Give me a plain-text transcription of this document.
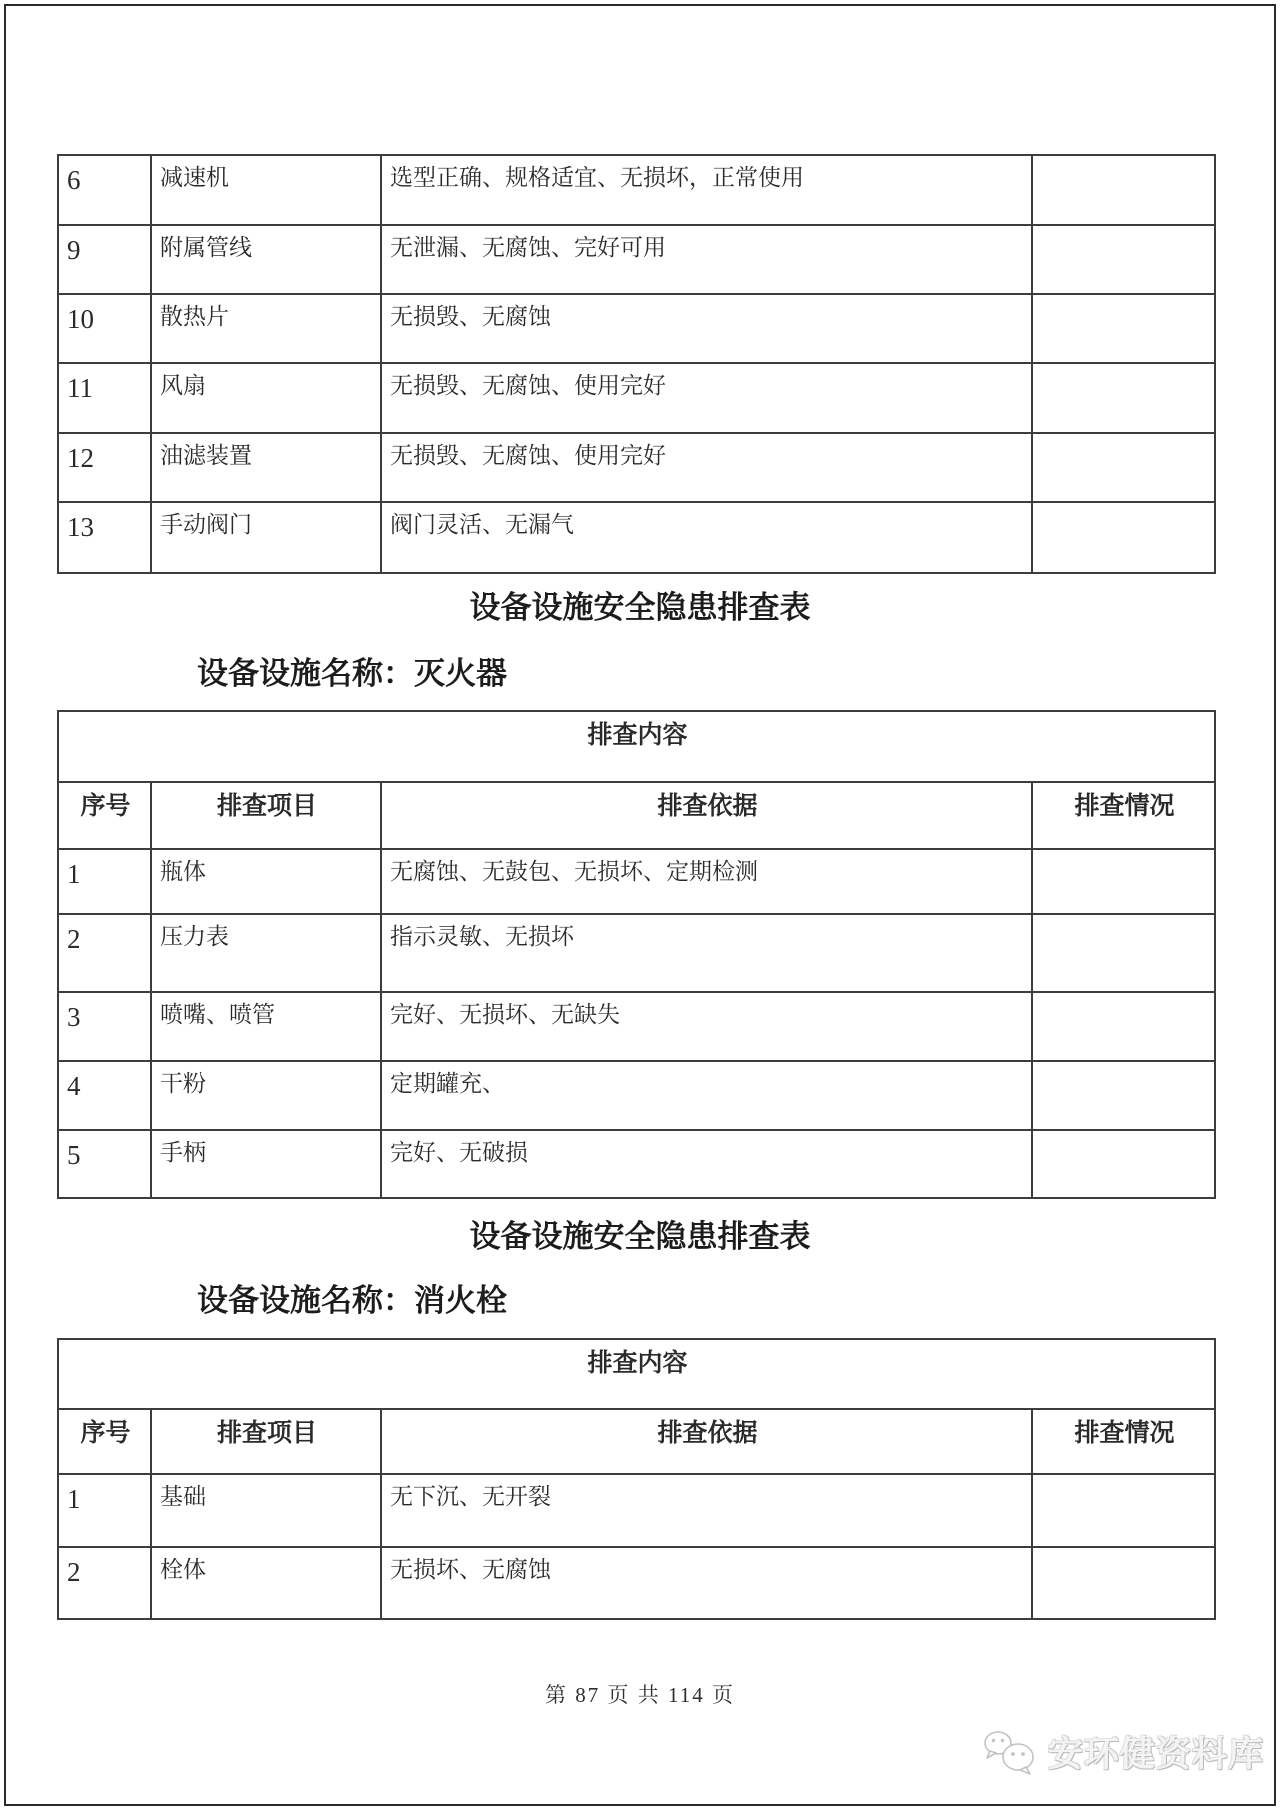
6	减速机	选型正确、规格适宜、无损坏，正常使用	
9	附属管线	无泄漏、无腐蚀、完好可用	
10	散热片	无损毁、无腐蚀	
11	风扇	无损毁、无腐蚀、使用完好	
12	油滤装置	无损毁、无腐蚀、使用完好	
13	手动阀门	阀门灵活、无漏气	
设备设施安全隐患排查表
设备设施名称：灭火器
排查内容			
序号	排查项目	排查依据	排查情况
1	瓶体	无腐蚀、无鼓包、无损坏、定期检测	
2	压力表	指示灵敏、无损坏	
3	喷嘴、喷管	完好、无损坏、无缺失	
4	干粉	定期罐充、	
5	手柄	完好、无破损	
设备设施安全隐患排查表
设备设施名称：消火栓
排查内容			
序号	排查项目	排查依据	排查情况
1	基础	无下沉、无开裂	
2	栓体	无损坏、无腐蚀	
第 87 页 共 114 页
安环健资料库
